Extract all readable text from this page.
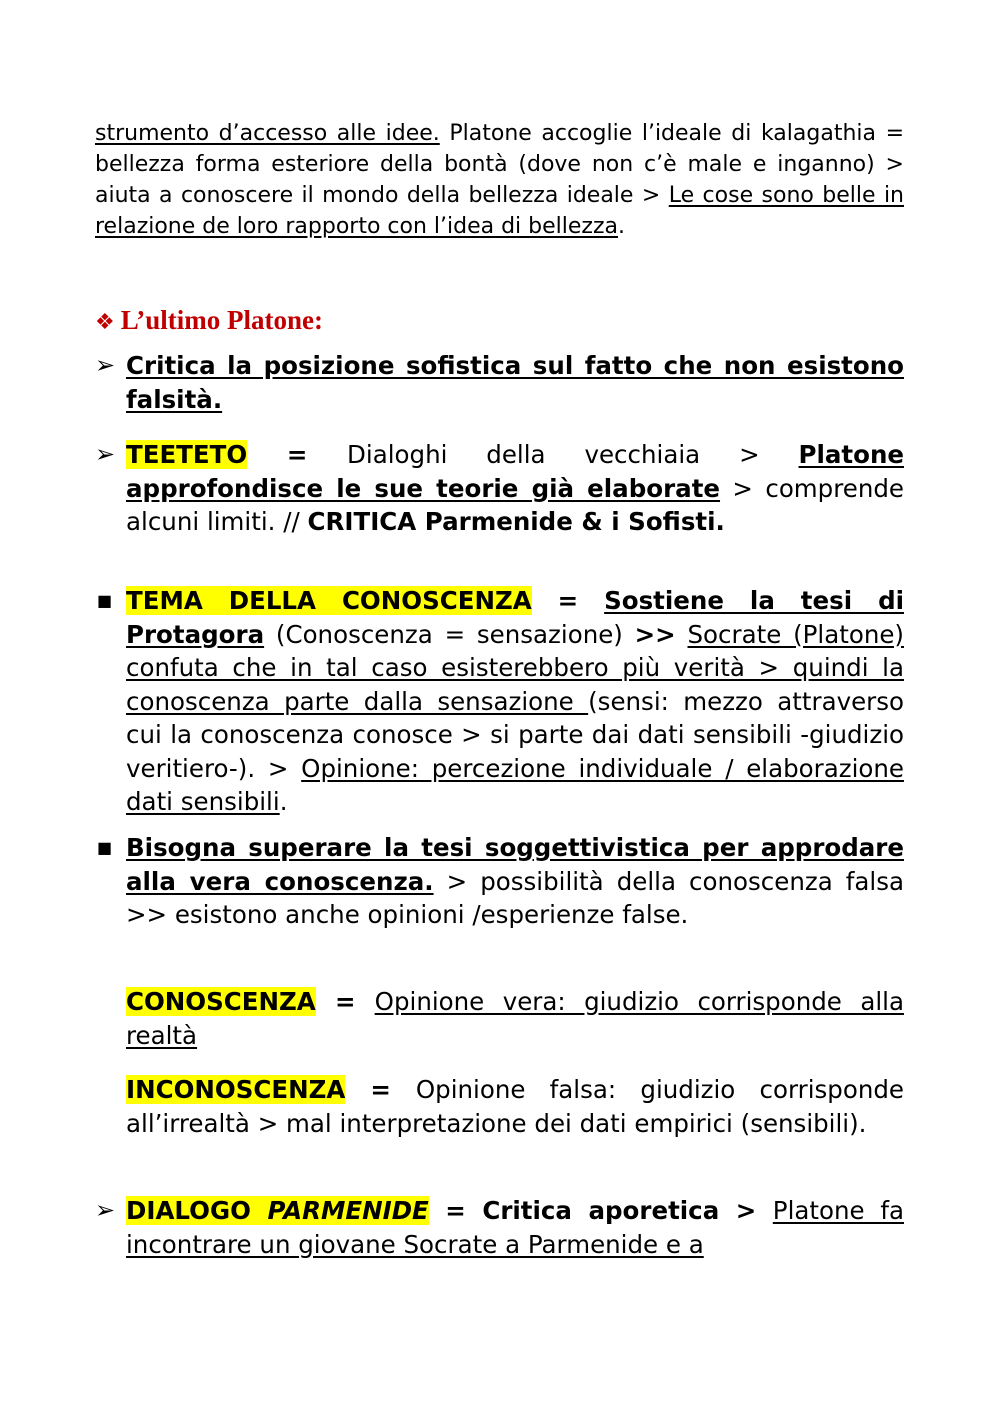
strumento d’accesso alle idee. Platone accoglie l’ideale di kalagathia = bellezza forma esteriore della bontà (dove non c’è male e inganno) > aiuta a conoscere il mondo della bellezza ideale > Le cose sono belle in relazione de loro rapporto con l’idea di bellezza.

❖ L’ultimo Platone:
➢ Critica la posizione sofistica sul fatto che non esistono falsità.

➢ TEETETO = Dialoghi della vecchiaia > Platone approfondisce le sue teorie già elaborate > comprende alcuni limiti. // CRITICA Parmenide & i Sofisti.

■ TEMA DELLA CONOSCENZA = Sostiene la tesi di Protagora (Conoscenza = sensazione) >> Socrate (Platone) confuta che in tal caso esisterebbero più verità > quindi la conoscenza parte dalla sensazione (sensi: mezzo attraverso cui la conoscenza conosce > si parte dai dati sensibili -giudizio veritiero-). > Opinione: percezione individuale / elaborazione dati sensibili.

■ Bisogna superare la tesi soggettivistica per approdare alla vera conoscenza. > possibilità della conoscenza falsa >> esistono anche opinioni /esperienze false.

CONOSCENZA = Opinione vera: giudizio corrisponde alla realtà

INCONOSCENZA = Opinione falsa: giudizio corrisponde all’irrealtà > mal interpretazione dei dati empirici (sensibili).

➢ DIALOGO PARMENIDE = Critica aporetica > Platone fa incontrare un giovane Socrate a Parmenide e a
